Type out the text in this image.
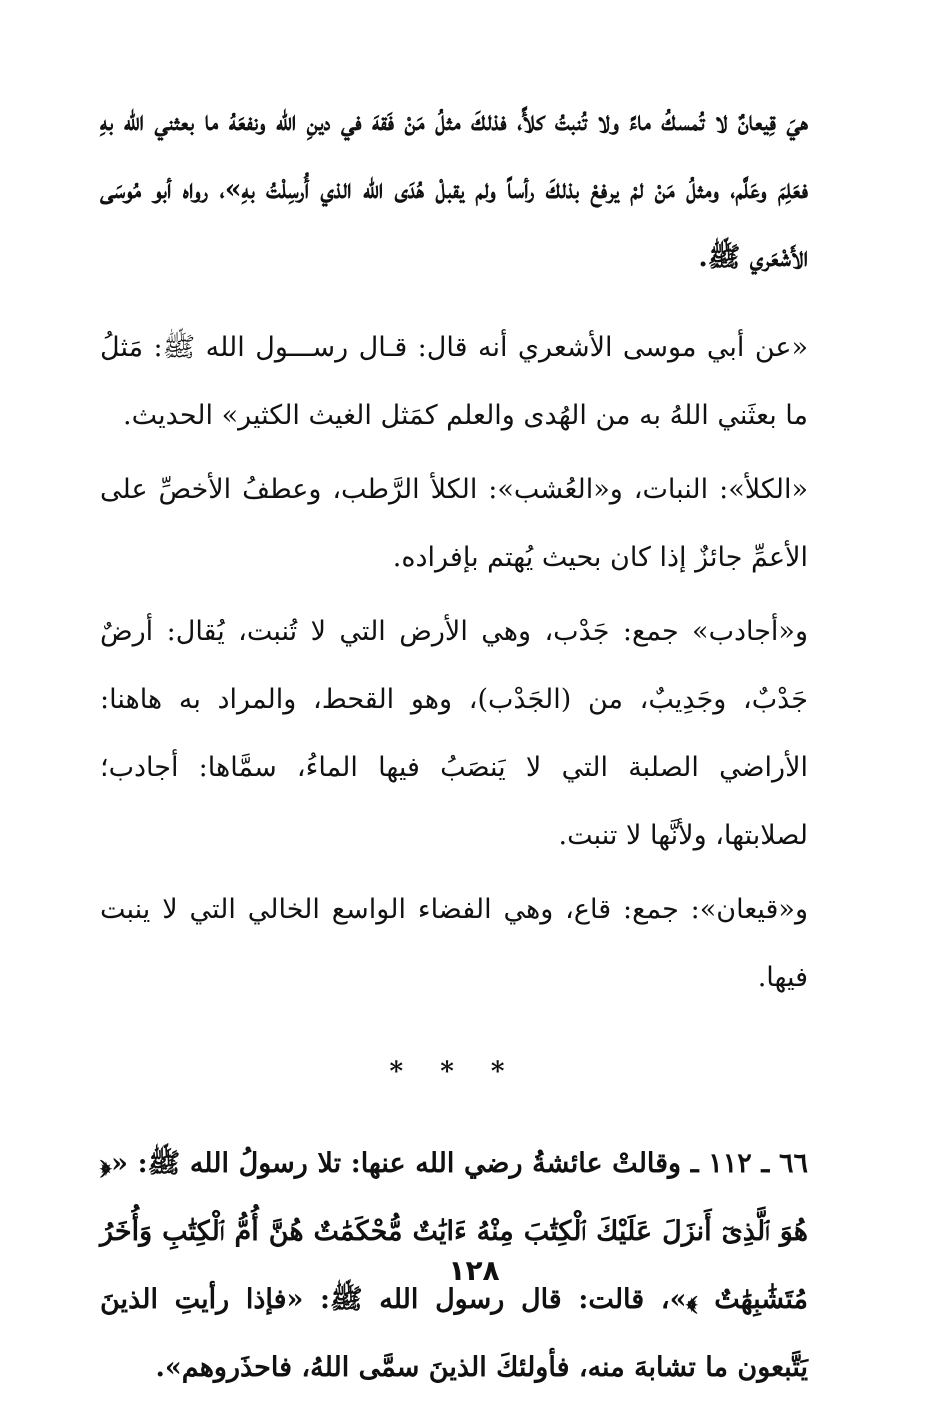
هيَ قِيعانٌ لا تُمسكُ ماءً ولا تُنبتُ كلأً، فذلكَ مثلُ مَنْ فَقهَ في دينِ الله ونفعَهُ ما بعثني الله بهِ فعَلِمَ وعَلَّم، ومثلُ مَنْ لمْ يرفعْ بذلكَ رأساً ولم يقبلْ هُدَى الله الذي أُرسِلْتُ بهِ»، رواه أبو مُوسَى الأَشْعَري ﷺ.

«عن أبي موسى الأشعري أنه قال: قـال رســـول الله ﷺ: مَثلُ ما بعثَني اللهُ به من الهُدى والعلم كمَثل الغيث الكثير» الحديث.

«الكلأ»: النبات، و«العُشب»: الكلأ الرَّطب، وعطفُ الأخصِّ على الأعمِّ جائزٌ إذا كان بحيث يُهتم بإفراده.

و«أجادب» جمع: جَدْب، وهي الأرض التي لا تُنبت، يُقال: أرضٌ جَدْبٌ، وجَدِيبٌ، من (الجَدْب)، وهو القحط، والمراد به هاهنا: الأراضي الصلبة التي لا يَنصَبُ فيها الماءُ، سمَّاها: أجادب؛ لصلابتها، ولأنَّها لا تنبت.

و«قيعان»: جمع: قاع، وهي الفضاء الواسع الخالي التي لا ينبت فيها.

* * *

٦٦ ـ ١١٢ ـ وقالتْ عائشةُ رضي الله عنها: تلا رسولُ الله ﷺ: «﴿ هُوَ ٱلَّذِىٓ أَنزَلَ عَلَيْكَ ٱلْكِتَٰبَ مِنْهُ ءَايَٰتٌ مُّحْكَمَٰتٌ هُنَّ أُمُّ ٱلْكِتَٰبِ وَأُخَرُ مُتَشَٰبِهَٰتٌ ﴾»، قالت: قال رسول الله ﷺ: «فإذا رأيتِ الذينَ يَتَّبعون ما تشابهَ منه، فأولئكَ الذينَ سمَّى اللهُ، فاحذَروهم».

١٢٨
